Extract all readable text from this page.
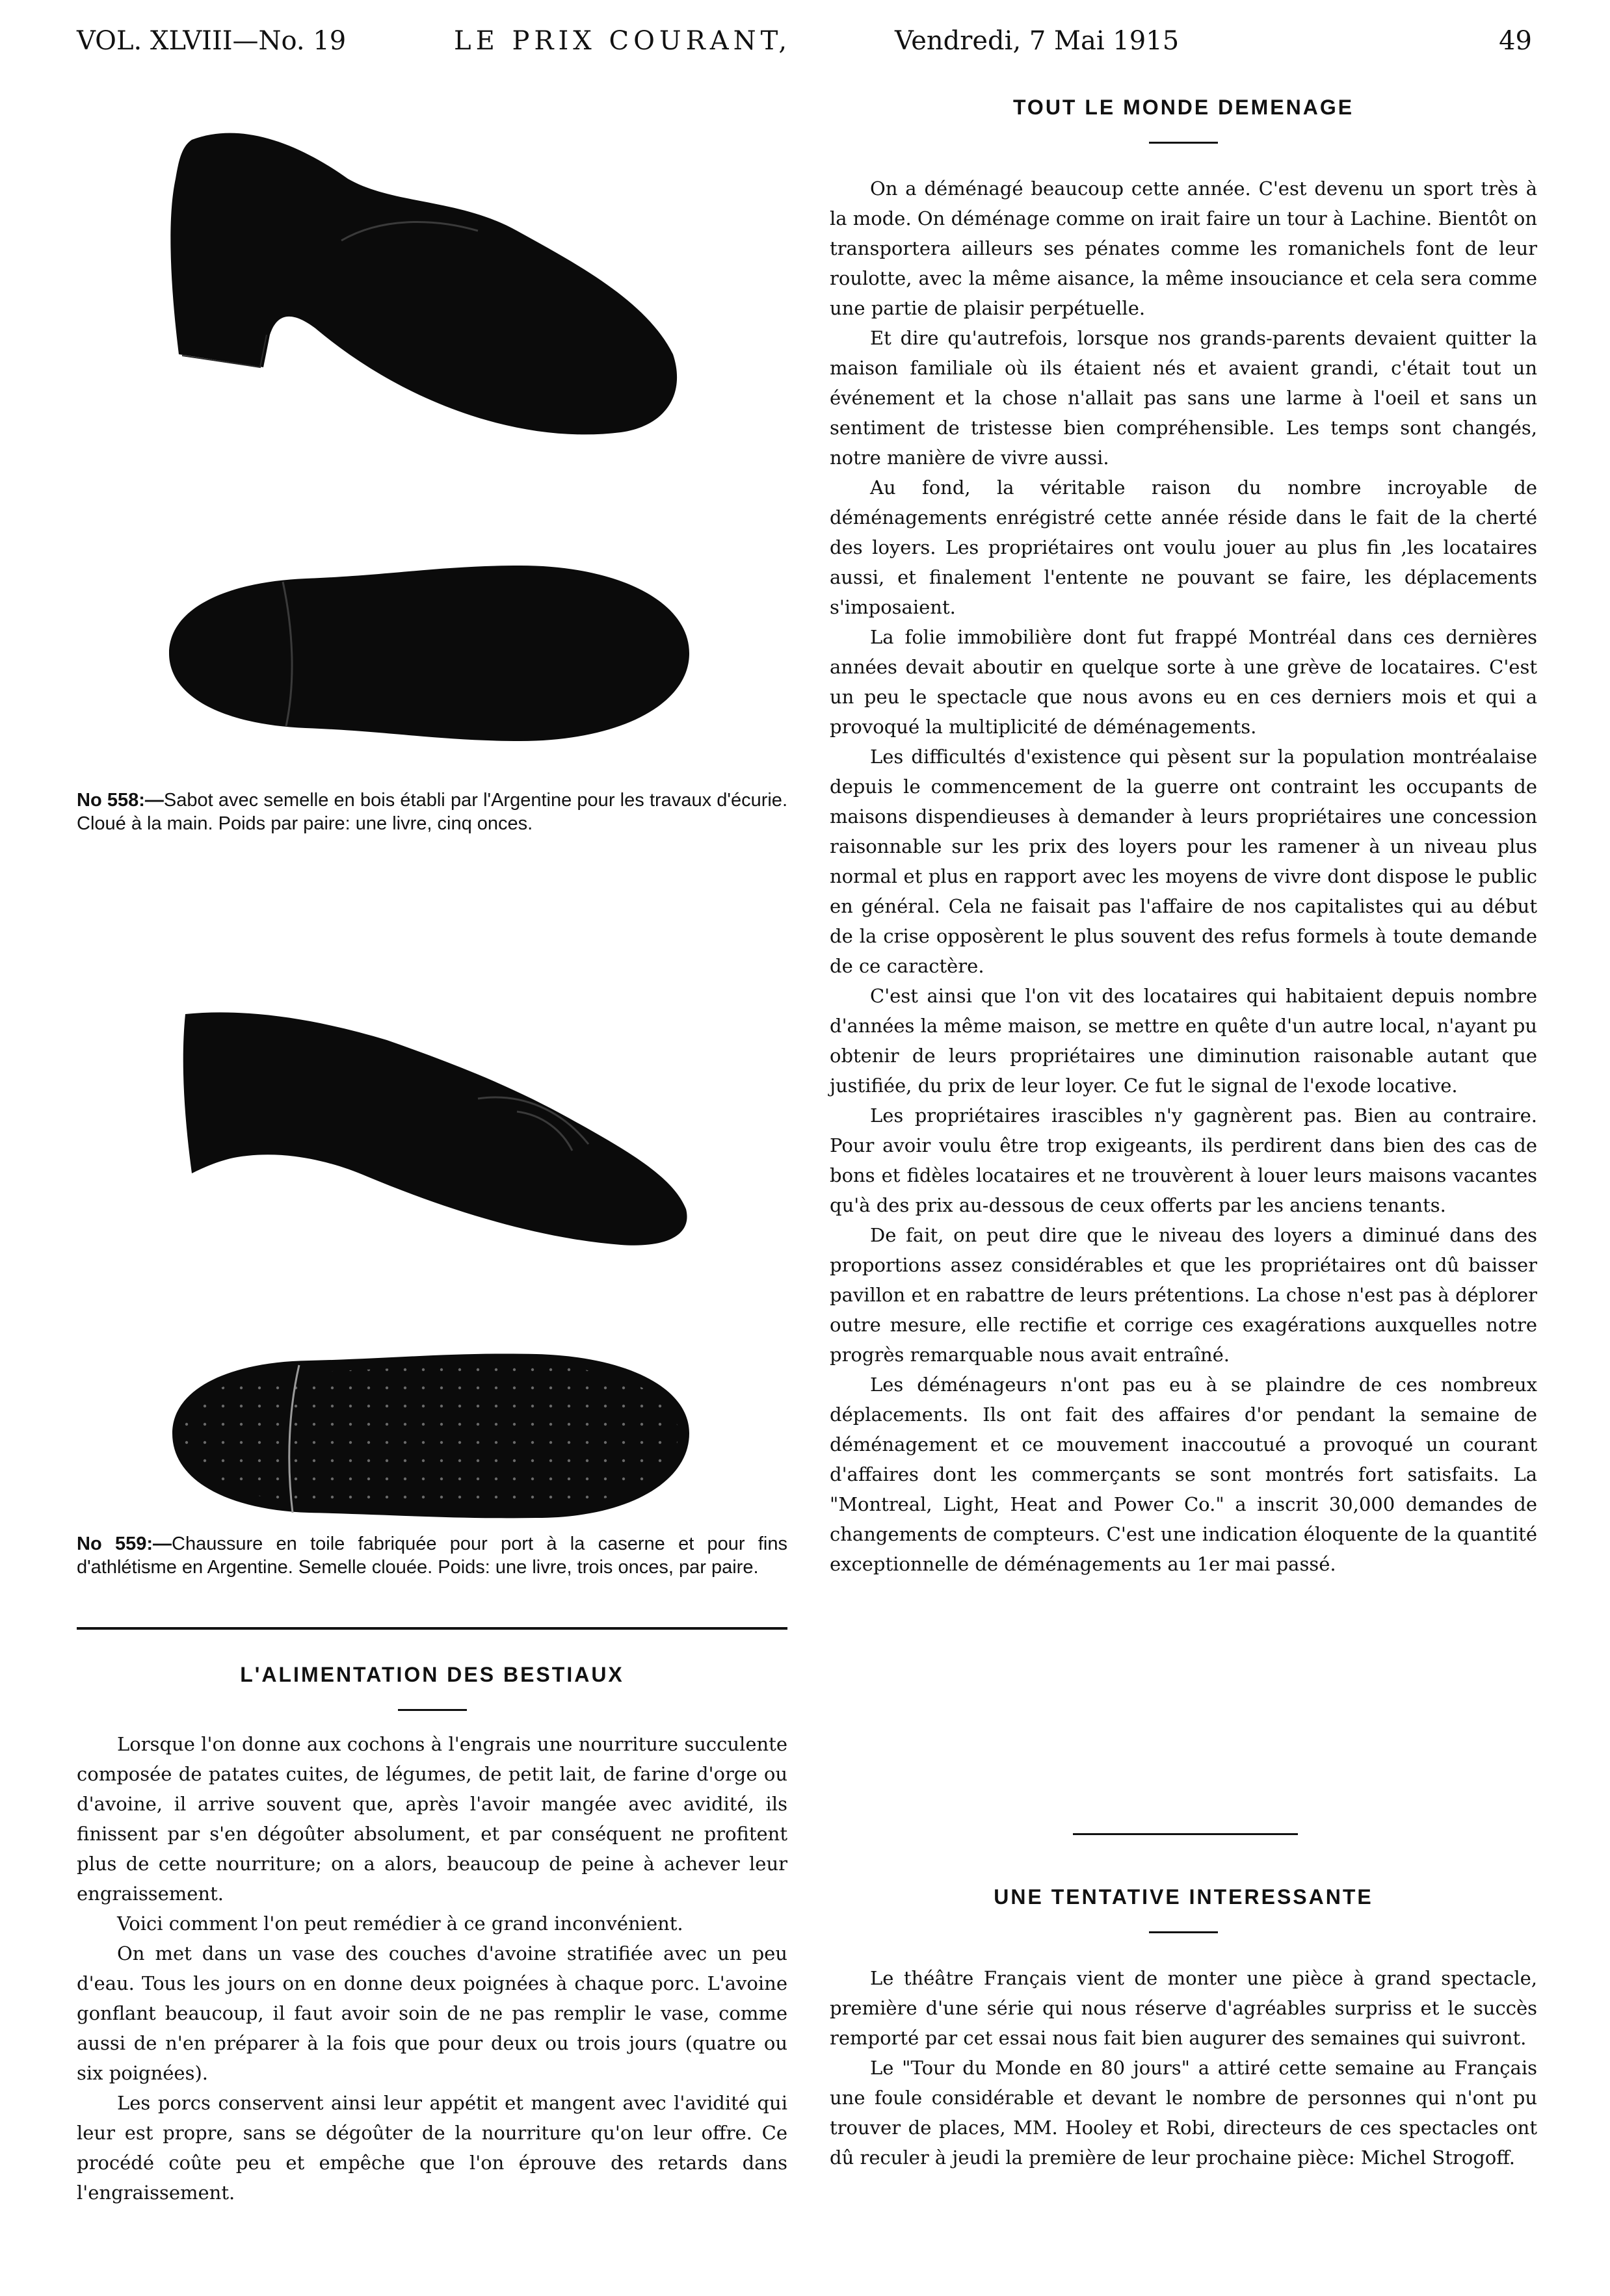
VOL. XLVIII—No. 19	LE PRIX COURANT,	Vendredi, 7 Mai 1915	49

No 558:—Sabot avec semelle en bois établi par l'Argentine pour les travaux d'écurie. Cloué à la main. Poids par paire: une livre, cinq onces.

No 559:—Chaussure en toile fabriquée pour port à la caserne et pour fins d'athlétisme en Argentine. Semelle clouée. Poids: une livre, trois onces, par paire.

L'ALIMENTATION DES BESTIAUX

Lorsque l'on donne aux cochons à l'engrais une nourriture succulente composée de patates cuites, de légumes, de petit lait, de farine d'orge ou d'avoine, il arrive souvent que, après l'avoir mangée avec avidité, ils finissent par s'en dégoûter absolument, et par conséquent ne profitent plus de cette nourriture; on a alors, beaucoup de peine à achever leur engraissement.

Voici comment l'on peut remédier à ce grand inconvénient.

On met dans un vase des couches d'avoine stratifiée avec un peu d'eau. Tous les jours on en donne deux poignées à chaque porc. L'avoine gonflant beaucoup, il faut avoir soin de ne pas remplir le vase, comme aussi de n'en préparer à la fois que pour deux ou trois jours (quatre ou six poignées).

Les porcs conservent ainsi leur appétit et mangent avec l'avidité qui leur est propre, sans se dégoûter de la nourriture qu'on leur offre. Ce procédé coûte peu et empêche que l'on éprouve des retards dans l'engraissement.

TOUT LE MONDE DEMENAGE

On a déménagé beaucoup cette année. C'est devenu un sport très à la mode. On déménage comme on irait faire un tour à Lachine. Bientôt on transportera ailleurs ses pénates comme les romanichels font de leur roulotte, avec la même aisance, la même insouciance et cela sera comme une partie de plaisir perpétuelle.

Et dire qu'autrefois, lorsque nos grands-parents devaient quitter la maison familiale où ils étaient nés et avaient grandi, c'était tout un événement et la chose n'allait pas sans une larme à l'oeil et sans un sentiment de tristesse bien compréhensible. Les temps sont changés, notre manière de vivre aussi.

Au fond, la véritable raison du nombre incroyable de déménagements enrégistré cette année réside dans le fait de la cherté des loyers. Les propriétaires ont voulu jouer au plus fin ,les locataires aussi, et finalement l'entente ne pouvant se faire, les déplacements s'imposaient.

La folie immobilière dont fut frappé Montréal dans ces dernières années devait aboutir en quelque sorte à une grève de locataires. C'est un peu le spectacle que nous avons eu en ces derniers mois et qui a provoqué la multiplicité de déménagements.

Les difficultés d'existence qui pèsent sur la population montréalaise depuis le commencement de la guerre ont contraint les occupants de maisons dispendieuses à demander à leurs propriétaires une concession raisonnable sur les prix des loyers pour les ramener à un niveau plus normal et plus en rapport avec les moyens de vivre dont dispose le public en général. Cela ne faisait pas l'affaire de nos capitalistes qui au début de la crise opposèrent le plus souvent des refus formels à toute demande de ce caractère.

C'est ainsi que l'on vit des locataires qui habitaient depuis nombre d'années la même maison, se mettre en quête d'un autre local, n'ayant pu obtenir de leurs propriétaires une diminution raisonable autant que justifiée, du prix de leur loyer. Ce fut le signal de l'exode locative.

Les propriétaires irascibles n'y gagnèrent pas. Bien au contraire. Pour avoir voulu être trop exigeants, ils perdirent dans bien des cas de bons et fidèles locataires et ne trouvèrent à louer leurs maisons vacantes qu'à des prix au-dessous de ceux offerts par les anciens tenants.

De fait, on peut dire que le niveau des loyers a diminué dans des proportions assez considérables et que les propriétaires ont dû baisser pavillon et en rabattre de leurs prétentions. La chose n'est pas à déplorer outre mesure, elle rectifie et corrige ces exagérations auxquelles notre progrès remarquable nous avait entraîné.

Les déménageurs n'ont pas eu à se plaindre de ces nombreux déplacements. Ils ont fait des affaires d'or pendant la semaine de déménagement et ce mouvement inaccoutué a provoqué un courant d'affaires dont les commerçants se sont montrés fort satisfaits. La "Montreal, Light, Heat and Power Co." a inscrit 30,000 demandes de changements de compteurs. C'est une indication éloquente de la quantité exceptionnelle de déménagements au 1er mai passé.

UNE TENTATIVE INTERESSANTE

Le théâtre Français vient de monter une pièce à grand spectacle, première d'une série qui nous réserve d'agréables surpriss et le succès remporté par cet essai nous fait bien augurer des semaines qui suivront.

Le "Tour du Monde en 80 jours" a attiré cette semaine au Français une foule considérable et devant le nombre de personnes qui n'ont pu trouver de places, MM. Hooley et Robi, directeurs de ces spectacles ont dû reculer à jeudi la première de leur prochaine pièce: Michel Strogoff.
